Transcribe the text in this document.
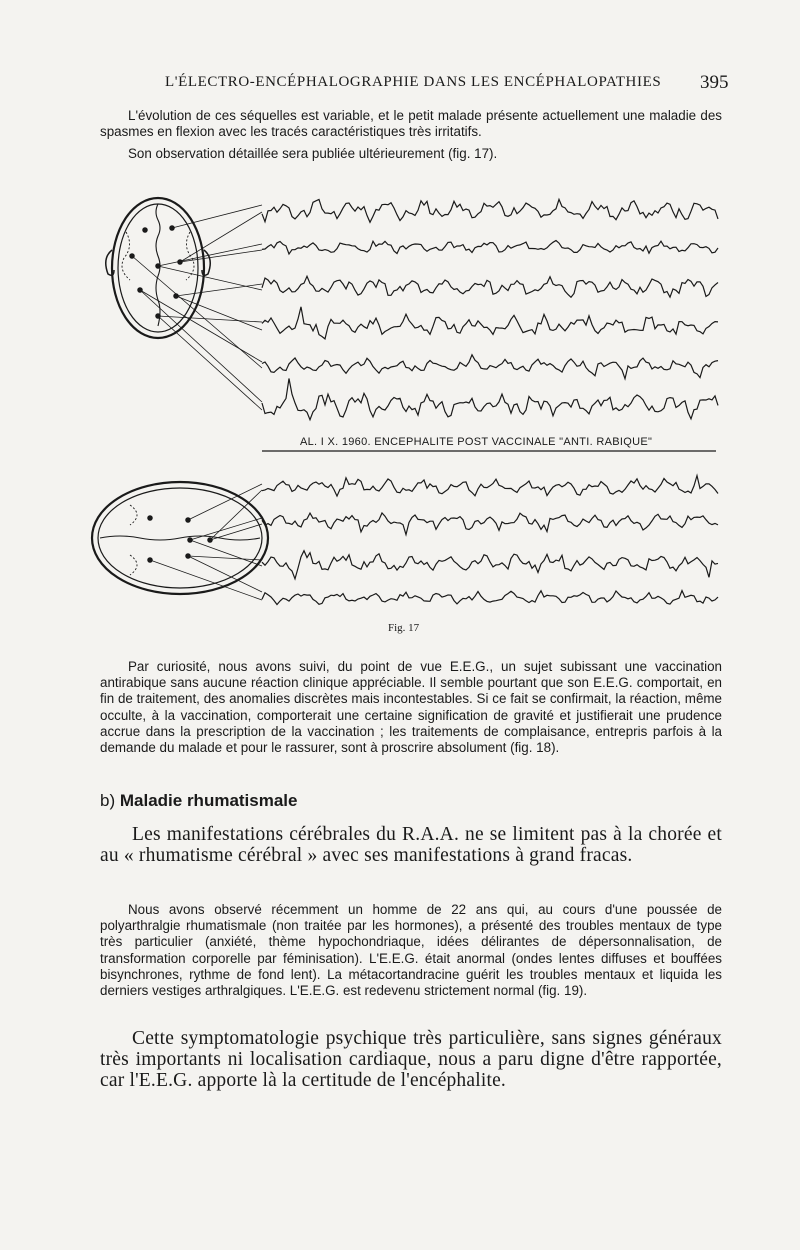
L'ÉLECTRO-ENCÉPHALOGRAPHIE DANS LES ENCÉPHALOPATHIES	395
L'évolution de ces séquelles est variable, et le petit malade présente actuellement une maladie des spasmes en flexion avec les tracés caractéristiques très irritatifs.
Son observation détaillée sera publiée ultérieurement (fig. 17).
AL. I X. 1960. ENCEPHALITE POST VACCINALE "ANTI. RABIQUE"
Fig. 17
Par curiosité, nous avons suivi, du point de vue E.E.G., un sujet subissant une vaccination antirabique sans aucune réaction clinique appréciable. Il semble pourtant que son E.E.G. comportait, en fin de traitement, des anomalies discrètes mais incontestables. Si ce fait se confirmait, la réaction, même occulte, à la vaccination, comporterait une certaine signification de gravité et justifierait une prudence accrue dans la prescription de la vaccination ; les traitements de complaisance, entrepris parfois à la demande du malade et pour le rassurer, sont à proscrire absolument (fig. 18).
b) Maladie rhumatismale
Les manifestations cérébrales du R.A.A. ne se limitent pas à la chorée et au « rhumatisme cérébral » avec ses manifestations à grand fracas.
Nous avons observé récemment un homme de 22 ans qui, au cours d'une poussée de polyarthralgie rhumatismale (non traitée par les hormones), a présenté des troubles mentaux de type très particulier (anxiété, thème hypochondriaque, idées délirantes de dépersonnalisation, de transformation corporelle par féminisation). L'E.E.G. était anormal (ondes lentes diffuses et bouffées bisynchrones, rythme de fond lent). La métacortandracine guérit les troubles mentaux et liquida les derniers vestiges arthralgiques. L'E.E.G. est redevenu strictement normal (fig. 19).
Cette symptomatologie psychique très particulière, sans signes généraux très importants ni localisation cardiaque, nous a paru digne d'être rapportée, car l'E.E.G. apporte là la certitude de l'encéphalite.
